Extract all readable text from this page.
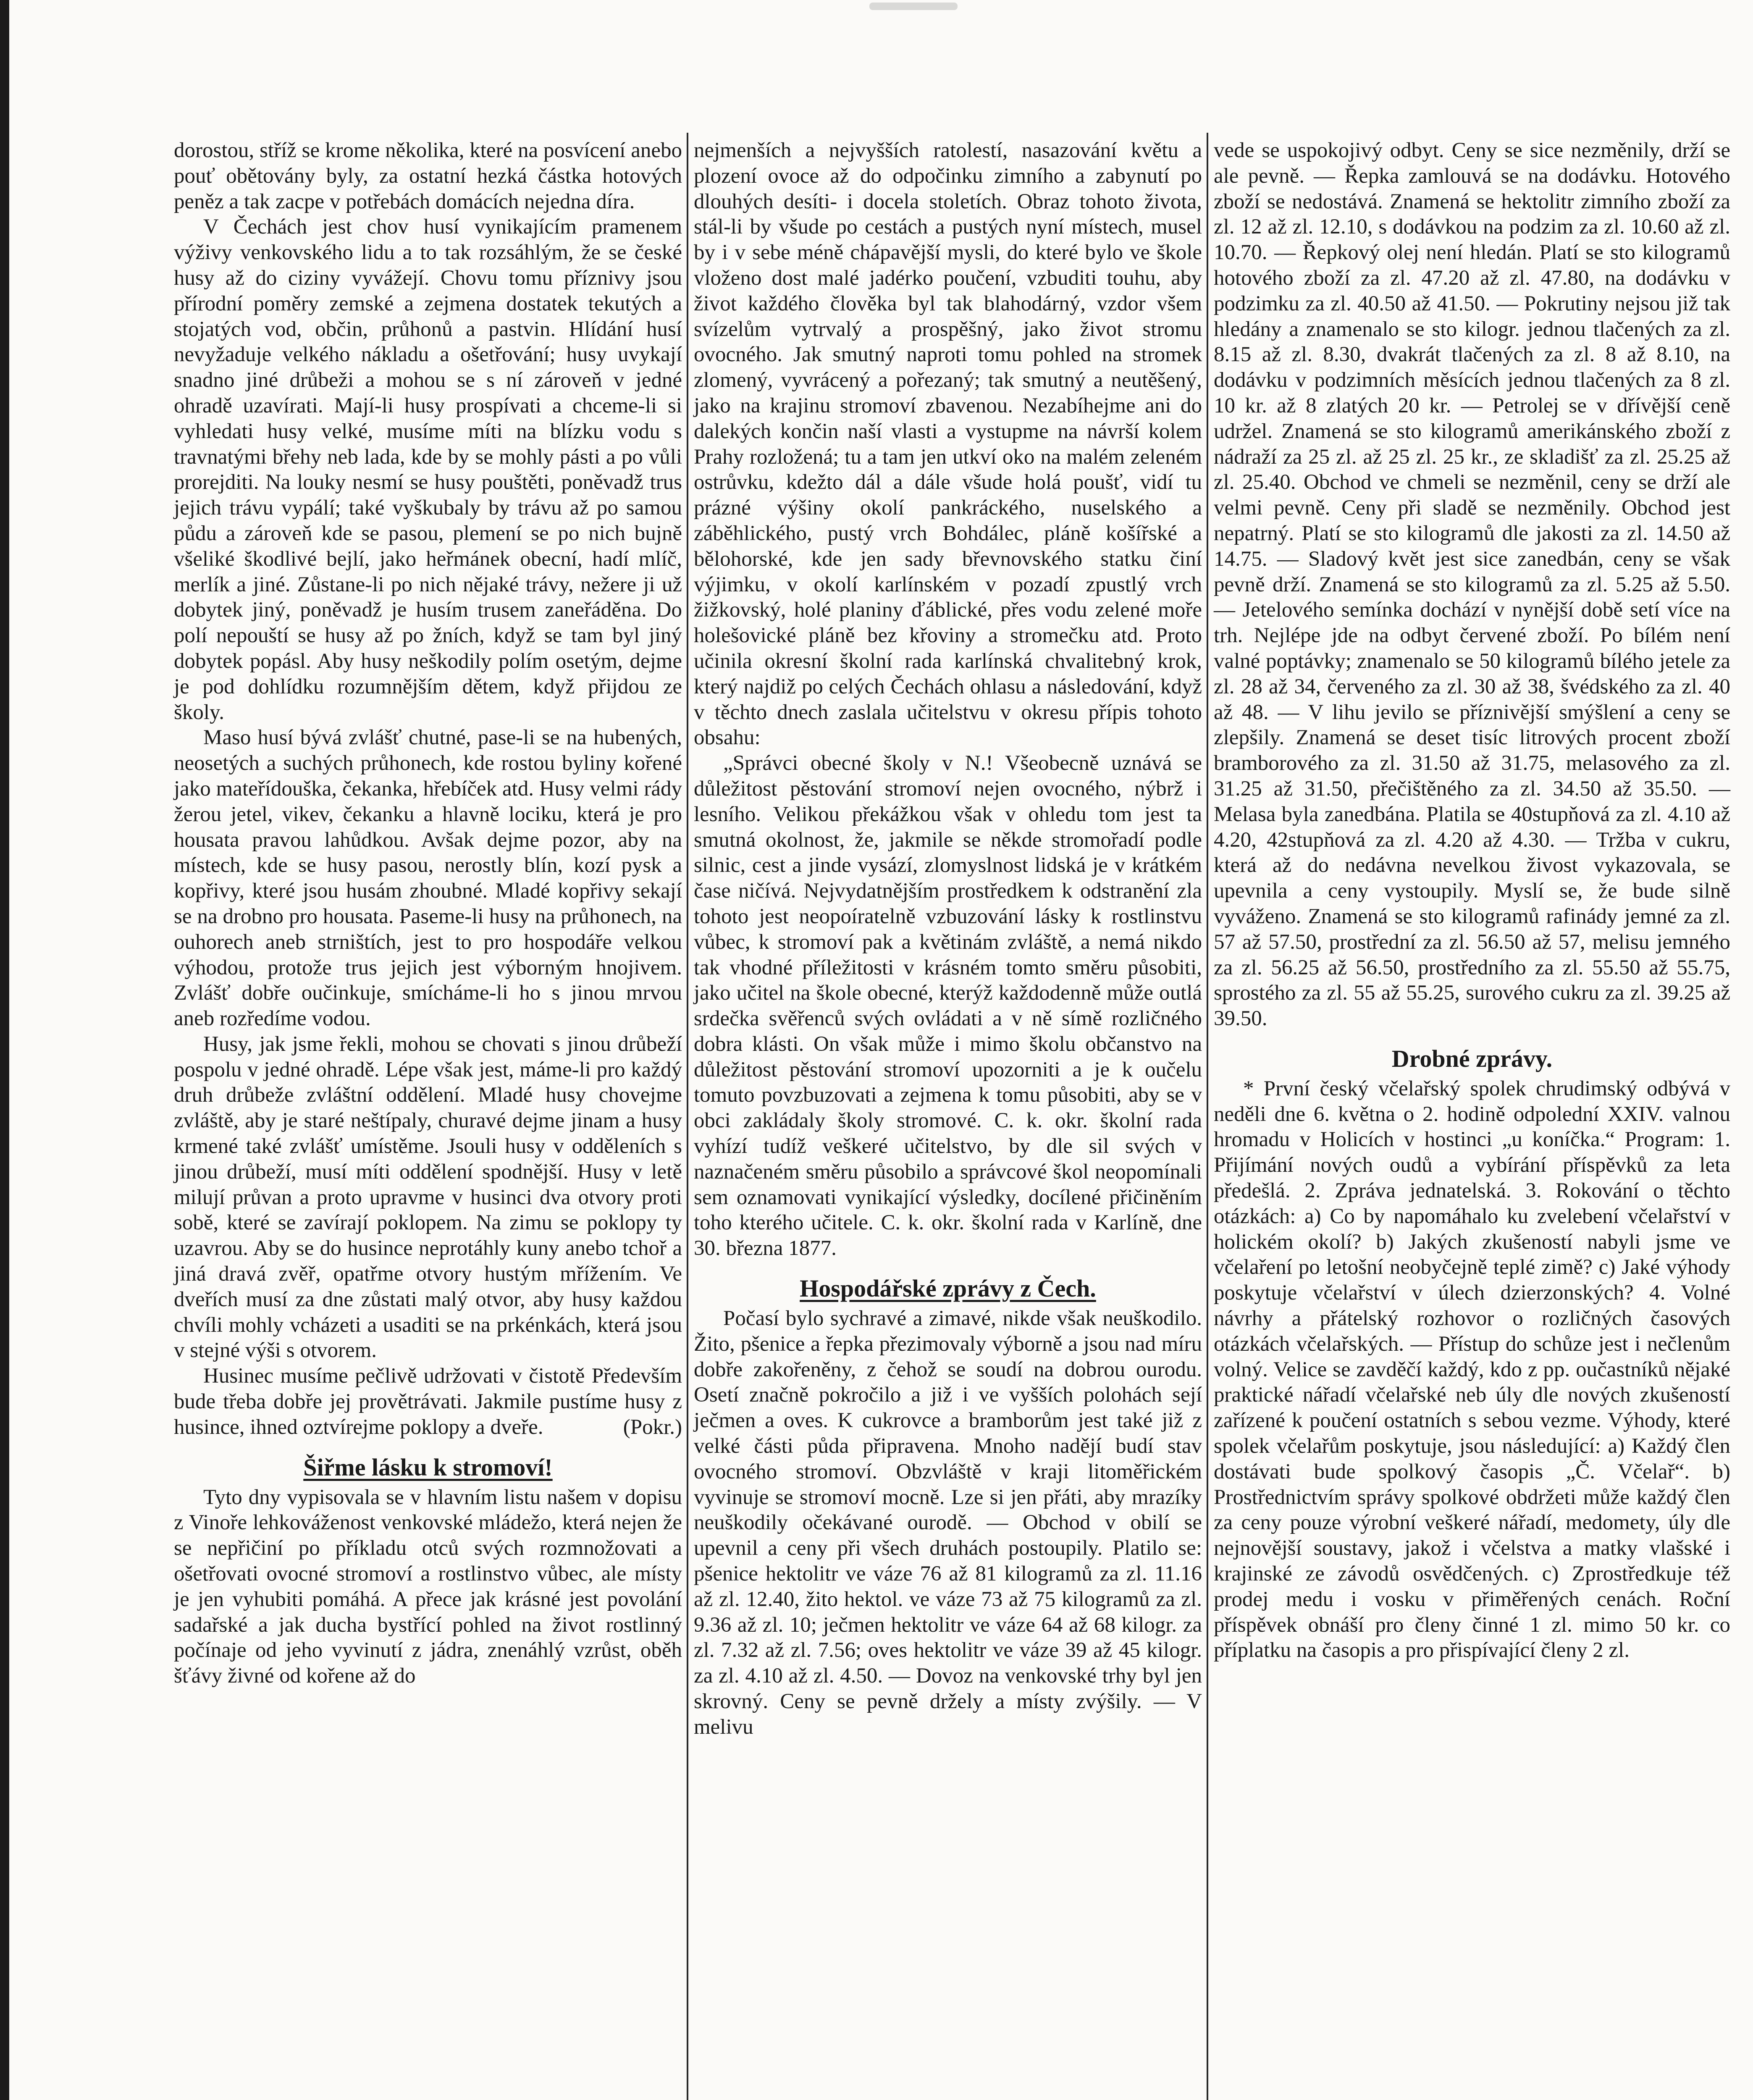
dorostou, stříž se krome několika, které na posvícení anebo pouť obětovány byly, za ostatní hezká částka hotových peněz a tak zacpe v potřebách domácích nejedna díra.

V Čechách jest chov husí vynikajícím pramenem výživy venkovského lidu a to tak rozsáhlým, že se české husy až do ciziny vyvážejí. Chovu tomu příznivy jsou přírodní poměry zemské a zejmena dostatek tekutých a stojatých vod, občin, průhonů a pastvin. Hlídání husí nevyžaduje velkého nákladu a ošetřování; husy uvykají snadno jiné drůbeži a mohou se s ní zároveň v jedné ohradě uzavírati. Mají-li husy prospívati a chceme-li si vyhledati husy velké, musíme míti na blízku vodu s travnatými břehy neb lada, kde by se mohly pásti a po vůli prorejditi. Na louky nesmí se husy pouštěti, poněvadž trus jejich trávu vypálí; také vyškubaly by trávu až po samou půdu a zároveň kde se pasou, plemení se po nich bujně všeliké škodlivé bejlí, jako heřmánek obecní, hadí mlíč, merlík a jiné. Zůstane-li po nich nějaké trávy, nežere ji už dobytek jiný, poněvadž je husím trusem zaneřáděna. Do polí nepouští se husy až po žních, když se tam byl jiný dobytek popásl. Aby husy neškodily polím osetým, dejme je pod dohlídku rozumnějším dětem, když přijdou ze školy.

Maso husí bývá zvlášť chutné, pase-li se na hubených, neosetých a suchých průhonech, kde rostou byliny kořené jako mateřídouška, čekanka, hřebíček atd. Husy velmi rády žerou jetel, vikev, čekanku a hlavně lociku, která je pro housata pravou lahůdkou. Avšak dejme pozor, aby na místech, kde se husy pasou, nerostly blín, kozí pysk a kopřivy, které jsou husám zhoubné. Mladé kopřivy sekají se na drobno pro housata. Paseme-li husy na průhonech, na ouhorech aneb strništích, jest to pro hospodáře velkou výhodou, protože trus jejich jest výborným hnojivem. Zvlášť dobře oučinkuje, smícháme-li ho s jinou mrvou aneb rozředíme vodou.

Husy, jak jsme řekli, mohou se chovati s jinou drůbeží pospolu v jedné ohradě. Lépe však jest, máme-li pro každý druh drůbeže zvláštní oddělení. Mladé husy chovejme zvláště, aby je staré neštípaly, churavé dejme jinam a husy krmené také zvlášť umístěme. Jsouli husy v odděleních s jinou drůbeží, musí míti oddělení spodnější. Husy v letě milují průvan a proto upravme v husinci dva otvory proti sobě, které se zavírají poklopem. Na zimu se poklopy ty uzavrou. Aby se do husince neprotáhly kuny anebo tchoř a jiná dravá zvěř, opatřme otvory hustým mřížením. Ve dveřích musí za dne zůstati malý otvor, aby husy každou chvíli mohly vcházeti a usaditi se na prkénkách, která jsou v stejné výši s otvorem.

Husinec musíme pečlivě udržovati v čistotě Především bude třeba dobře jej provětrávati. Jakmile pustíme husy z husince, ihned oztvírejme poklopy a dveře.	(Pokr.)

Šiřme lásku k stromoví!

Tyto dny vypisovala se v hlavním listu našem v dopisu z Vinoře lehkováženost venkovské mládežo, která nejen že se nepřičiní po příkladu otců svých rozmnožovati a ošetřovati ovocné stromoví a rostlinstvo vůbec, ale místy je jen vyhubiti pomáhá. A přece jak krásné jest povolání sadařské a jak ducha bystřící pohled na život rostlinný počínaje od jeho vyvinutí z jádra, znenáhlý vzrůst, oběh šťávy živné od kořene až do

nejmenších a nejvyšších ratolestí, nasazování květu a plození ovoce až do odpočinku zimního a zabynutí po dlouhých desíti- i docela stoletích. Obraz tohoto života, stál-li by všude po cestách a pustých nyní místech, musel by i v sebe méně chápavější mysli, do které bylo ve škole vloženo dost malé jadérko poučení, vzbuditi touhu, aby život každého člověka byl tak blahodárný, vzdor všem svízelům vytrvalý a prospěšný, jako život stromu ovocného. Jak smutný naproti tomu pohled na stromek zlomený, vyvrácený a pořezaný; tak smutný a neutěšený, jako na krajinu stromoví zbavenou. Nezabíhejme ani do dalekých končin naší vlasti a vystupme na návrší kolem Prahy rozložená; tu a tam jen utkví oko na malém zeleném ostrůvku, kdežto dál a dále všude holá poušť, vidí tu prázné výšiny okolí pankráckého, nuselského a záběhlického, pustý vrch Bohdálec, pláně košířské a bělohorské, kde jen sady břevnovského statku činí výjimku, v okolí karlínském v pozadí zpustlý vrch žižkovský, holé planiny ďáblické, přes vodu zelené moře holešovické pláně bez křoviny a stromečku atd. Proto učinila okresní školní rada karlínská chvalitebný krok, který najdiž po celých Čechách ohlasu a následování, když v těchto dnech zaslala učitelstvu v okresu přípis tohoto obsahu:

„Správci obecné školy v N.! Všeobecně uznává se důležitost pěstování stromoví nejen ovocného, nýbrž i lesního. Velikou překážkou však v ohledu tom jest ta smutná okolnost, že, jakmile se někde stromořadí podle silnic, cest a jinde vysází, zlomyslnost lidská je v krátkém čase ničívá. Nejvydatnějším prostředkem k odstranění zla tohoto jest neopoíratelně vzbuzování lásky k rostlinstvu vůbec, k stromoví pak a květinám zvláště, a nemá nikdo tak vhodné příležitosti v krásném tomto směru působiti, jako učitel na škole obecné, kterýž každodenně může outlá srdečka svěřenců svých ovládati a v ně símě rozličného dobra klásti. On však může i mimo školu občanstvo na důležitost pěstování stromoví upozorniti a je k oučelu tomuto povzbuzovati a zejmena k tomu působiti, aby se v obci zakládaly školy stromové. C. k. okr. školní rada vyhízí tudíž veškeré učitelstvo, by dle sil svých v naznačeném směru působilo a správcové škol neopomínali sem oznamovati vynikající výsledky, docílené přičiněním toho kterého učitele. C. k. okr. školní rada v Karlíně, dne 30. března 1877.

Hospodářské zprávy z Čech.

Počasí bylo sychravé a zimavé, nikde však neuškodilo. Žito, pšenice a řepka přezimovaly výborně a jsou nad míru dobře zakořeněny, z čehož se soudí na dobrou ourodu. Osetí značně pokročilo a již i ve vyšších polohách sejí ječmen a oves. K cukrovce a bramborům jest také již z velké části půda připravena. Mnoho nadějí budí stav ovocného stromoví. Obzvláště v kraji litoměřickém vyvinuje se stromoví mocně. Lze si jen přáti, aby mrazíky neuškodily očekávané ourodě. — Obchod v obilí se upevnil a ceny při všech druhách postoupily. Platilo se: pšenice hektolitr ve váze 76 až 81 kilogramů za zl. 11.16 až zl. 12.40, žito hektol. ve váze 73 až 75 kilogramů za zl. 9.36 až zl. 10; ječmen hektolitr ve váze 64 až 68 kilogr. za zl. 7.32 až zl. 7.56; oves hektolitr ve váze 39 až 45 kilogr. za zl. 4.10 až zl. 4.50. — Dovoz na venkovské trhy byl jen skrovný. Ceny se pevně držely a místy zvýšily. — V melivu

vede se uspokojivý odbyt. Ceny se sice nezměnily, drží se ale pevně. — Řepka zamlouvá se na dodávku. Hotového zboží se nedostává. Znamená se hektolitr zimního zboží za zl. 12 až zl. 12.10, s dodávkou na podzim za zl. 10.60 až zl. 10.70. — Řepkový olej není hledán. Platí se sto kilogramů hotového zboží za zl. 47.20 až zl. 47.80, na dodávku v podzimku za zl. 40.50 až 41.50. — Pokrutiny nejsou již tak hledány a znamenalo se sto kilogr. jednou tlačených za zl. 8.15 až zl. 8.30, dvakrát tlačených za zl. 8 až 8.10, na dodávku v podzimních měsících jednou tlačených za 8 zl. 10 kr. až 8 zlatých 20 kr. — Petrolej se v dřívější ceně udržel. Znamená se sto kilogramů amerikánského zboží z nádraží za 25 zl. až 25 zl. 25 kr., ze skladišť za zl. 25.25 až zl. 25.40. Obchod ve chmeli se nezměnil, ceny se drží ale velmi pevně. Ceny při sladě se nezměnily. Obchod jest nepatrný. Platí se sto kilogramů dle jakosti za zl. 14.50 až 14.75. — Sladový květ jest sice zanedbán, ceny se však pevně drží. Znamená se sto kilogramů za zl. 5.25 až 5.50. — Jetelového semínka dochází v nynější době setí více na trh. Nejlépe jde na odbyt červené zboží. Po bílém není valné poptávky; znamenalo se 50 kilogramů bílého jetele za zl. 28 až 34, červeného za zl. 30 až 38, švédského za zl. 40 až 48. — V lihu jevilo se příznivější smýšlení a ceny se zlepšily. Znamená se deset tisíc litrových procent zboží bramborového za zl. 31.50 až 31.75, melasového za zl. 31.25 až 31.50, přečištěného za zl. 34.50 až 35.50. — Melasa byla zanedbána. Platila se 40stupňová za zl. 4.10 až 4.20, 42stupňová za zl. 4.20 až 4.30. — Tržba v cukru, která až do nedávna nevelkou živost vykazovala, se upevnila a ceny vystoupily. Myslí se, že bude silně vyváženo. Znamená se sto kilogramů rafinády jemné za zl. 57 až 57.50, prostřední za zl. 56.50 až 57, melisu jemného za zl. 56.25 až 56.50, prostředního za zl. 55.50 až 55.75, sprostého za zl. 55 až 55.25, surového cukru za zl. 39.25 až 39.50.

Drobné zprávy.

* První český včelařský spolek chrudimský odbývá v neděli dne 6. května o 2. hodině odpolední XXIV. valnou hromadu v Holicích v hostinci „u koníčka.“ Program: 1. Přijímání nových oudů a vybírání příspěvků za leta předešlá. 2. Zpráva jednatelská. 3. Rokování o těchto otázkách: a) Co by napomáhalo ku zvelebení včelařství v holickém okolí? b) Jakých zkušeností nabyli jsme ve včelaření po letošní neobyčejně teplé zimě? c) Jaké výhody poskytuje včelařství v úlech dzierzonských? 4. Volné návrhy a přátelský rozhovor o rozličných časových otázkách včelařských. — Přístup do schůze jest i nečlenům volný. Velice se zavděčí každý, kdo z pp. oučastníků nějaké praktické nářadí včelařské neb úly dle nových zkušeností zařízené k poučení ostatních s sebou vezme. Výhody, které spolek včelařům poskytuje, jsou následující: a) Každý člen dostávati bude spolkový časopis „Č. Včelař“. b) Prostřednictvím správy spolkové obdržeti může každý člen za ceny pouze výrobní veškeré nářadí, medomety, úly dle nejnovější soustavy, jakož i včelstva a matky vlašské i krajinské ze závodů osvědčených. c) Zprostředkuje též prodej medu i vosku v přiměřených cenách. Roční příspěvek obnáší pro členy činné 1 zl. mimo 50 kr. co příplatku na časopis a pro přispívající členy 2 zl.
